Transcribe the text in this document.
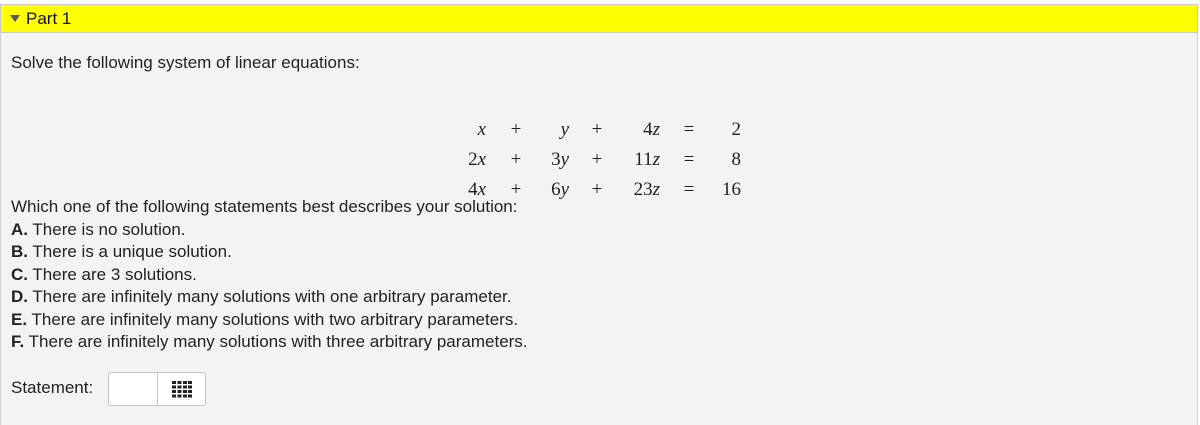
Part 1
Solve the following system of linear equations:
x +	y +	4z =	2
2x +	3y +	11z =	8
4x +	6y +	23z =	16
Which one of the following statements best describes your solution:
A. There is no solution.
B. There is a unique solution.
C. There are 3 solutions.
D. There are infinitely many solutions with one arbitrary parameter.
E. There are infinitely many solutions with two arbitrary parameters.
F. There are infinitely many solutions with three arbitrary parameters.
Statement:
